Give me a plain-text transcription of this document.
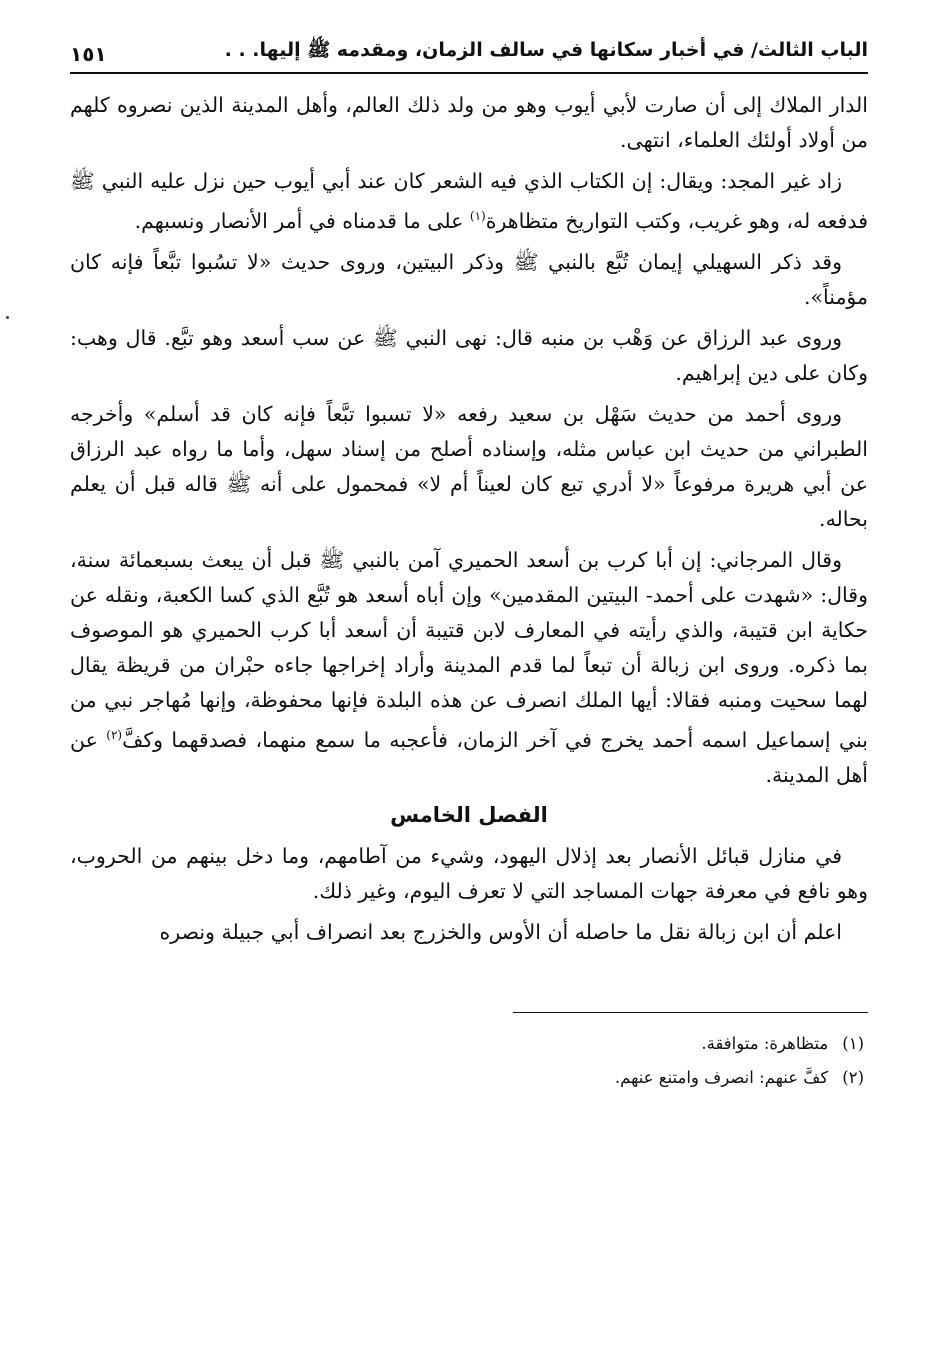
الباب الثالث/ في أخبار سكانها في سالف الزمان، ومقدمه ﷺ إليها. . .
١٥١

الدار الملاك إلى أن صارت لأبي أيوب وهو من ولد ذلك العالم، وأهل المدينة الذين نصروه كلهم من أولاد أولئك العلماء، انتهى.

زاد غير المجد: ويقال: إن الكتاب الذي فيه الشعر كان عند أبي أيوب حين نزل عليه النبي ﷺ فدفعه له، وهو غريب، وكتب التواريخ متظاهرة$^{(١)}$ على ما قدمناه في أمر الأنصار ونسبهم.

وقد ذكر السهيلي إيمان تُبَّع بالنبي ﷺ وذكر البيتين، وروى حديث «لا تسُبوا تبَّعاً فإنه كان مؤمناً».

وروى عبد الرزاق عن وَهْب بن منبه قال: نهى النبي ﷺ عن سب أسعد وهو تبَّع. قال وهب: وكان على دين إبراهيم.

وروى أحمد من حديث سَهْل بن سعيد رفعه «لا تسبوا تبَّعاً فإنه كان قد أسلم» وأخرجه الطبراني من حديث ابن عباس مثله، وإسناده أصلح من إسناد سهل، وأما ما رواه عبد الرزاق عن أبي هريرة مرفوعاً «لا أدري تبع كان لعيناً أم لا» فمحمول على أنه ﷺ قاله قبل أن يعلم بحاله.

وقال المرجاني: إن أبا كرب بن أسعد الحميري آمن بالنبي ﷺ قبل أن يبعث بسبعمائة سنة، وقال: «شهدت على أحمد- البيتين المقدمين» وإن أباه أسعد هو تُبَّع الذي كسا الكعبة، ونقله عن حكاية ابن قتيبة، والذي رأيته في المعارف لابن قتيبة أن أسعد أبا كرب الحميري هو الموصوف بما ذكره. وروى ابن زبالة أن تبعاً لما قدم المدينة وأراد إخراجها جاءه حبْران من قريظة يقال لهما سحيت ومنبه فقالا: أيها الملك انصرف عن هذه البلدة فإنها محفوظة، وإنها مُهاجر نبي من بني إسماعيل اسمه أحمد يخرج في آخر الزمان، فأعجبه ما سمع منهما، فصدقهما وكفَّ$^{(٢)}$ عن أهل المدينة.

الفصل الخامس

في منازل قبائل الأنصار بعد إذلال اليهود، وشيء من آطامهم، وما دخل بينهم من الحروب، وهو نافع في معرفة جهات المساجد التي لا تعرف اليوم، وغير ذلك.

اعلم أن ابن زبالة نقل ما حاصله أن الأوس والخزرج بعد انصراف أبي جبيلة ونصره

(١)
متظاهرة: متوافقة.
(٢)
كفَّ عنهم: انصرف وامتنع عنهم.
